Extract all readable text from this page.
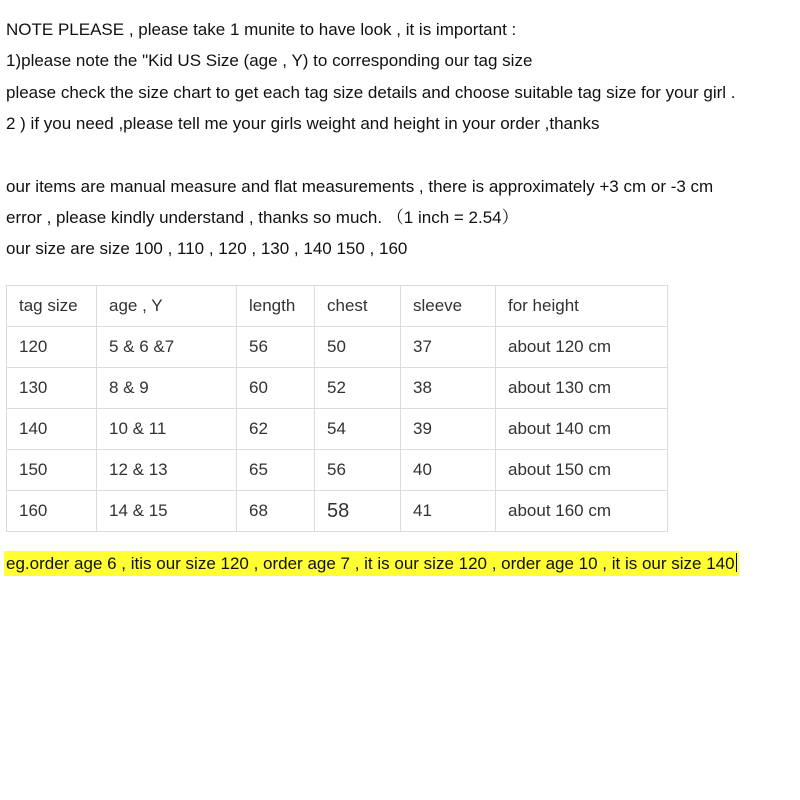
NOTE PLEASE , please take 1 munite to have look , it is important :
1)please note the "Kid US Size (age , Y) to corresponding our tag size
please check the size chart to get each tag size details and choose suitable tag size for your girl .
2 ) if you need ,please tell me your girls weight and height in your order ,thanks
our items are manual measure and flat measurements , there is approximately +3 cm or -3 cm
error , please kindly understand , thanks so much. （1 inch = 2.54）
our size are size 100 , 110 , 120 , 130 , 140 150 , 160
tag size	age , Y	length	chest	sleeve	for height
120	5 & 6 &7	56	50	37	about 120 cm
130	8 & 9	60	52	38	about 130 cm
140	10 & 11	62	54	39	about 140 cm
150	12 & 13	65	56	40	about 150 cm
160	14 & 15	68	58	41	about 160 cm
eg.order age 6 , itis our size 120 , order age 7 , it is our size 120 , order age 10 , it is our size 140
